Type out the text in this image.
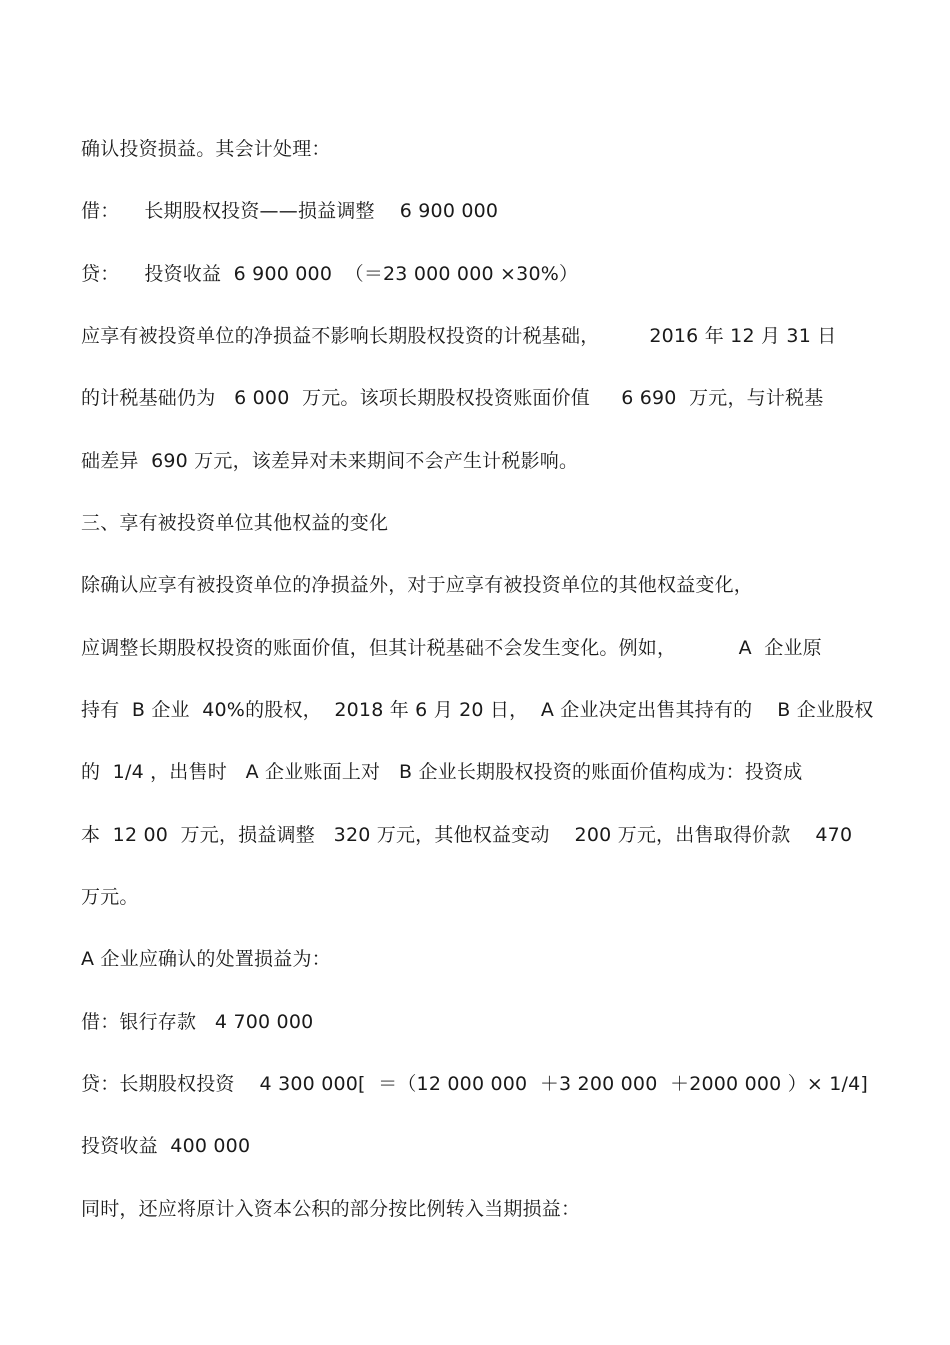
确认投资损益。其会计处理：
借：    长期股权投资——损益调整    6 900 000
贷：    投资收益  6 900 000  （＝23 000 000 ×30%）
应享有被投资单位的净损益不影响长期股权投资的计税基础，        2016 年 12 月 31 日
的计税基础仍为   6 000  万元。该项长期股权投资账面价值     6 690  万元，与计税基
础差异  690 万元，该差异对未来期间不会产生计税影响。
三、享有被投资单位其他权益的变化
除确认应享有被投资单位的净损益外，对于应享有被投资单位的其他权益变化，
应调整长期股权投资的账面价值，但其计税基础不会发生变化。例如，          A  企业原
持有  B 企业  40%的股权，  2018 年 6 月 20 日，  A 企业决定出售其持有的    B 企业股权
的  1/4 ，出售时   A 企业账面上对   B 企业长期股权投资的账面价值构成为：投资成
本  12 00  万元，损益调整   320 万元，其他权益变动    200 万元，出售取得价款    470
万元。
A 企业应确认的处置损益为：
借：银行存款   4 700 000
贷：长期股权投资    4 300 000[  ＝（12 000 000  ＋3 200 000  ＋2000 000 ）× 1/4]
投资收益  400 000
同时，还应将原计入资本公积的部分按比例转入当期损益：
